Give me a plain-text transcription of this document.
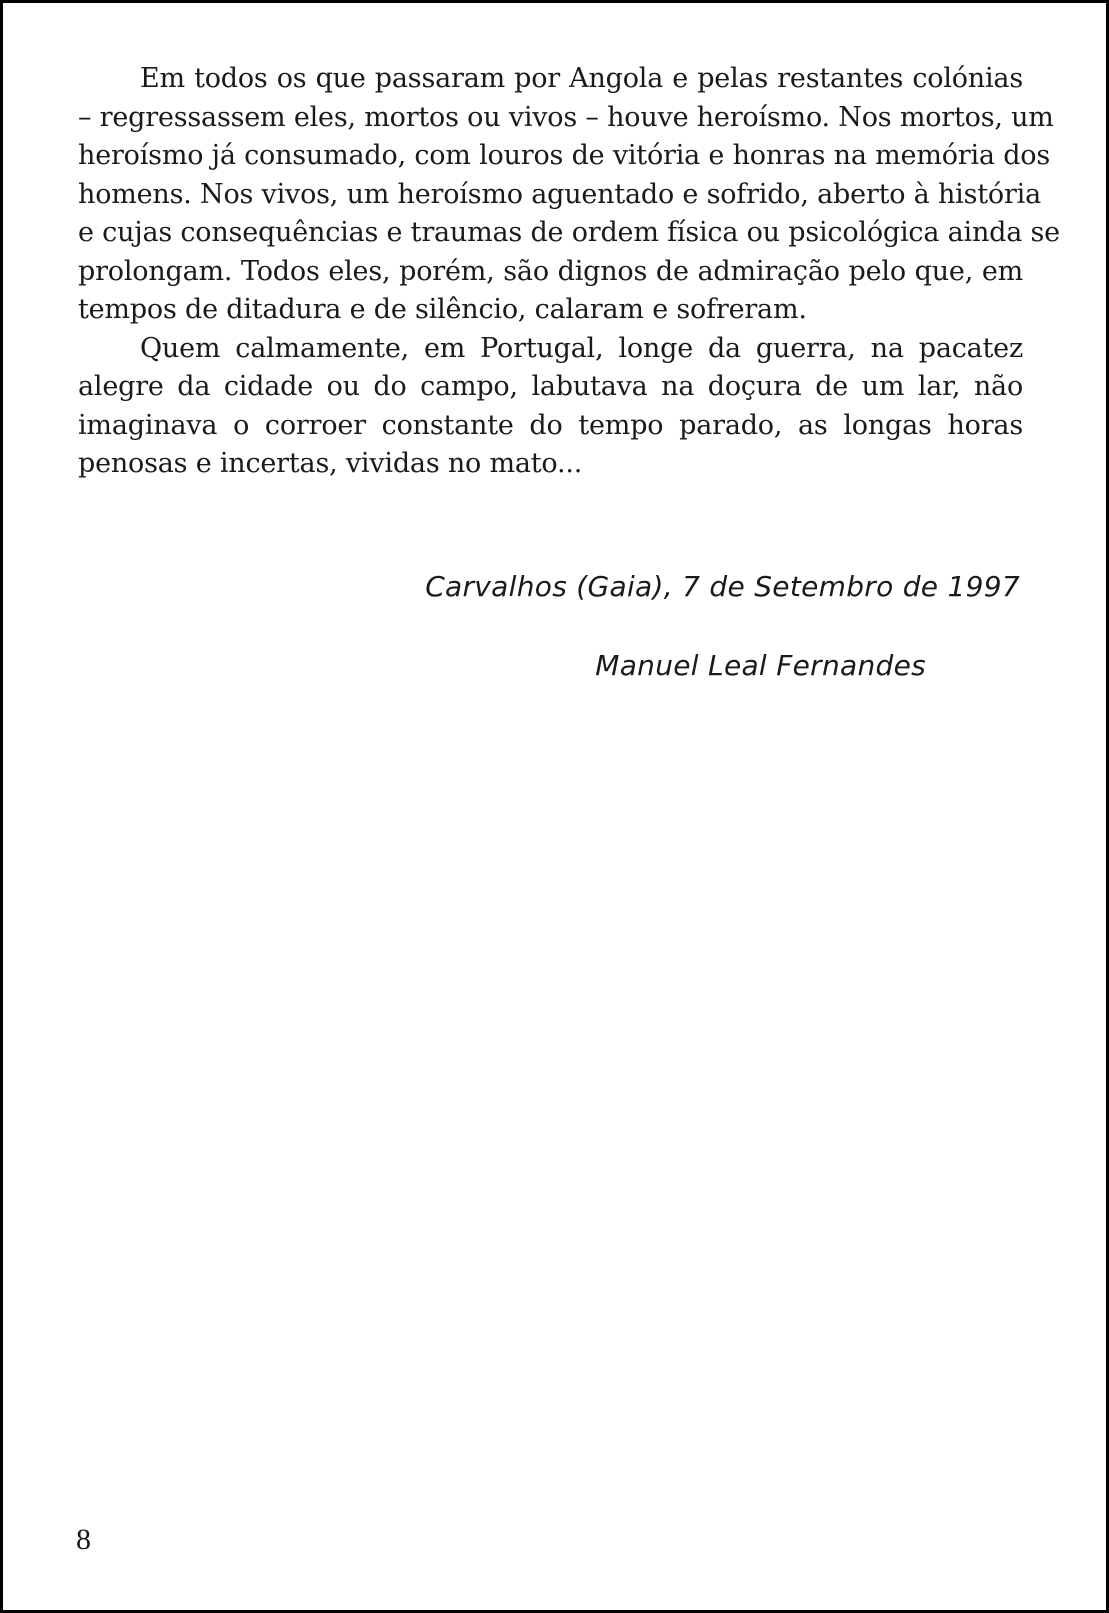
Em todos os que passaram por Angola e pelas restantes colónias
– regressassem eles, mortos ou vivos – houve heroísmo. Nos mortos, um
heroísmo já consumado, com louros de vitória e honras na memória dos
homens. Nos vivos, um heroísmo aguentado e sofrido, aberto à história
e cujas consequências e traumas de ordem física ou psicológica ainda se
prolongam. Todos eles, porém, são dignos de admiração pelo que, em
tempos de ditadura e de silêncio, calaram e sofreram.
Quem calmamente, em Portugal, longe da guerra, na pacatez
alegre da cidade ou do campo, labutava na doçura de um lar, não
imaginava o corroer constante do tempo parado, as longas horas
penosas e incertas, vividas no mato...
Carvalhos (Gaia), 7 de Setembro de 1997
Manuel Leal Fernandes
8
